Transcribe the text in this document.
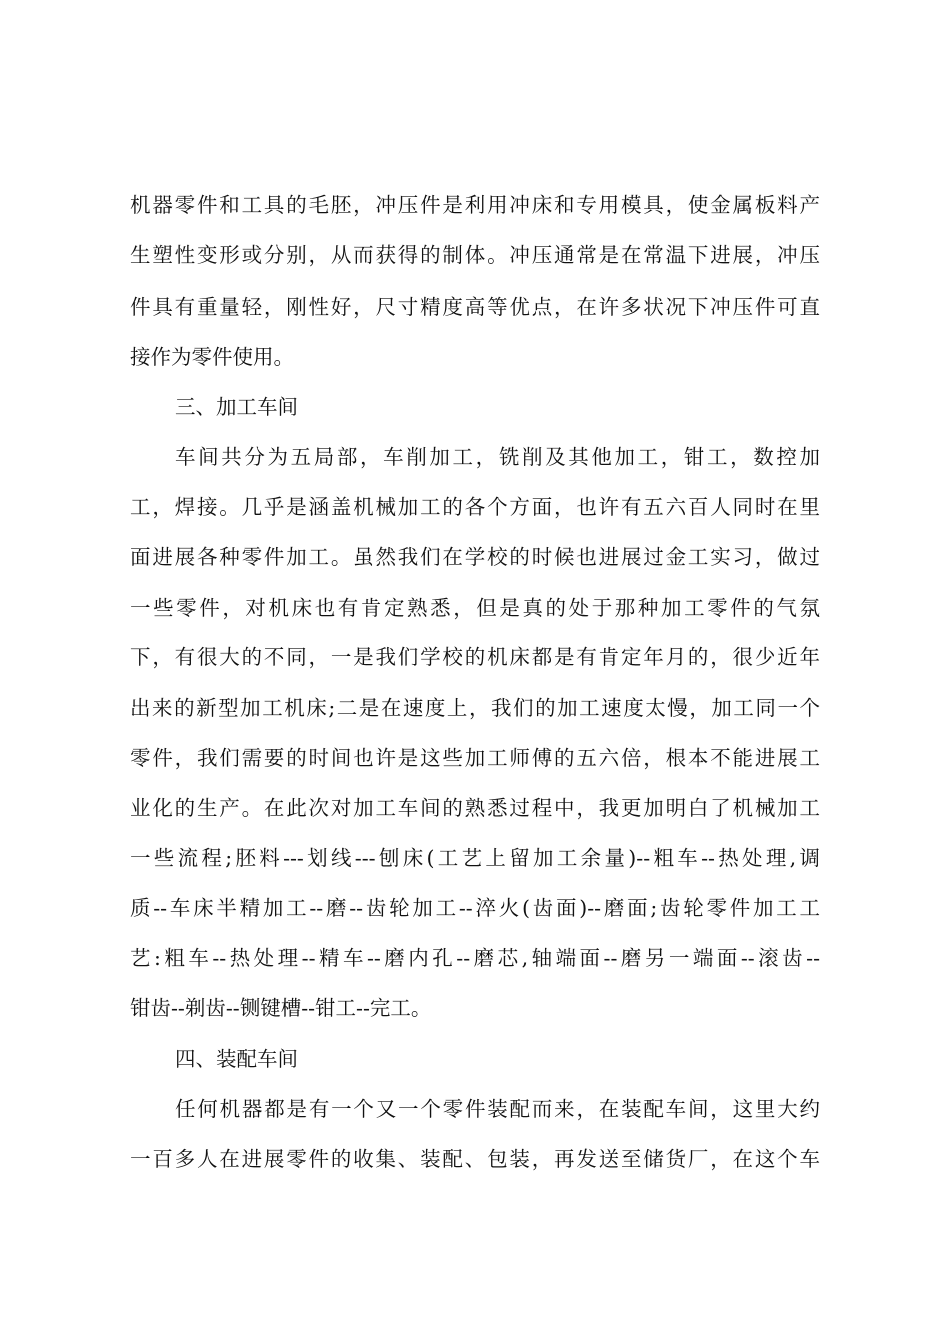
机器零件和工具的毛胚，冲压件是利用冲床和专用模具，使金属板料产
生塑性变形或分别，从而获得的制体。冲压通常是在常温下进展，冲压
件具有重量轻，刚性好，尺寸精度高等优点，在许多状况下冲压件可直
接作为零件使用。
三、加工车间
车间共分为五局部，车削加工，铣削及其他加工，钳工，数控加
工，焊接。几乎是涵盖机械加工的各个方面，也许有五六百人同时在里
面进展各种零件加工。虽然我们在学校的时候也进展过金工实习，做过
一些零件，对机床也有肯定熟悉，但是真的处于那种加工零件的气氛
下，有很大的不同，一是我们学校的机床都是有肯定年月的，很少近年
出来的新型加工机床;二是在速度上，我们的加工速度太慢，加工同一个
零件，我们需要的时间也许是这些加工师傅的五六倍，根本不能进展工
业化的生产。在此次对加工车间的熟悉过程中，我更加明白了机械加工
一些流程;胚料---划线---刨床(工艺上留加工余量)--粗车--热处理,调
质--车床半精加工--磨--齿轮加工--淬火(齿面)--磨面;齿轮零件加工工
艺:粗车--热处理--精车--磨内孔--磨芯,轴端面--磨另一端面--滚齿--
钳齿--剃齿--铡键槽--钳工--完工。
四、装配车间
任何机器都是有一个又一个零件装配而来，在装配车间，这里大约
一百多人在进展零件的收集、装配、包装，再发送至储货厂，在这个车
